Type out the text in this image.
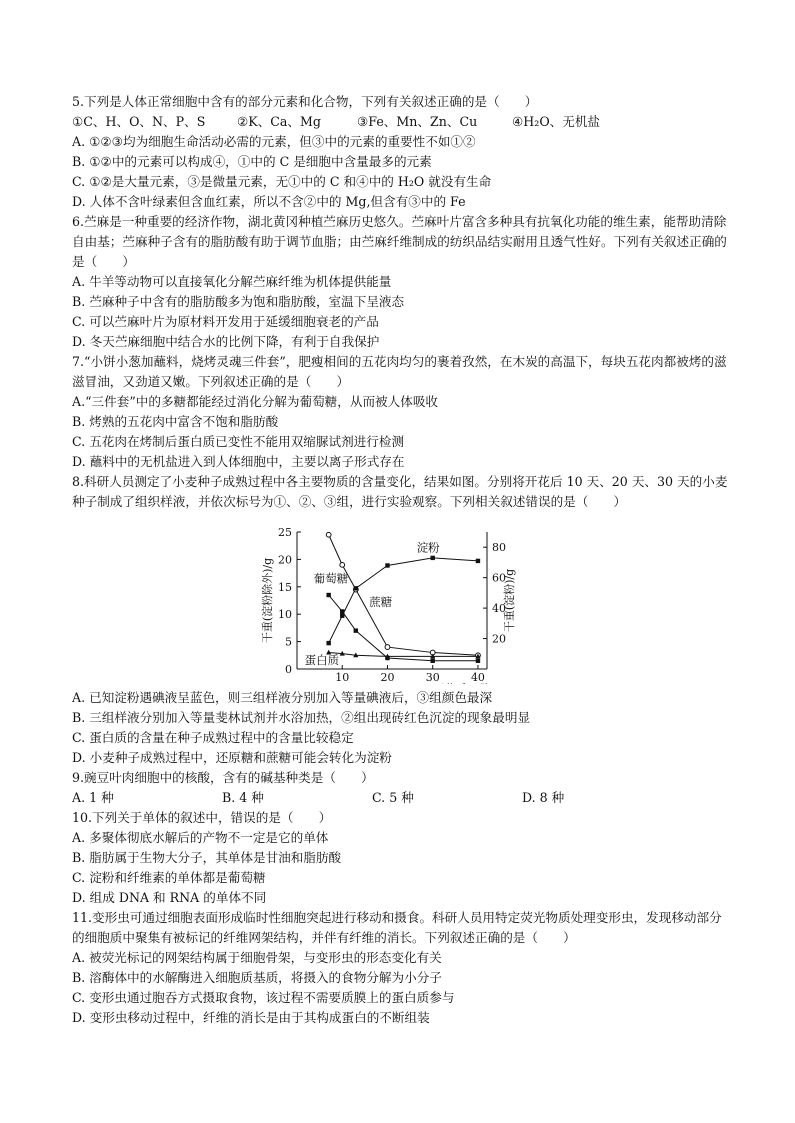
5.下列是人体正常细胞中含有的部分元素和化合物，下列有关叙述正确的是（　　）
①C、H、O、N、P、S	②K、Ca、Mg	③Fe、Mn、Zn、Cu	④H₂O、无机盐
A. ①②③均为细胞生命活动必需的元素，但③中的元素的重要性不如①②
B. ①②中的元素可以构成④，①中的 C 是细胞中含量最多的元素
C. ①②是大量元素，③是微量元素，无①中的 C 和④中的 H₂O 就没有生命
D. 人体不含叶绿素但含血红素，所以不含②中的 Mg,但含有③中的 Fe
6.苎麻是一种重要的经济作物，湖北黄冈种植苎麻历史悠久。苎麻叶片富含多种具有抗氧化功能的维生素，能帮助清除自由基；苎麻种子含有的脂肪酸有助于调节血脂；由苎麻纤维制成的纺织品结实耐用且透气性好。下列有关叙述正确的是（　　）
A. 牛羊等动物可以直接氧化分解苎麻纤维为机体提供能量
B. 苎麻种子中含有的脂肪酸多为饱和脂肪酸，室温下呈液态
C. 可以苎麻叶片为原材料开发用于延缓细胞衰老的产品
D. 冬天苎麻细胞中结合水的比例下降，有利于自我保护
7.“小饼小葱加蘸料，烧烤灵魂三件套”，肥瘦相间的五花肉均匀的裹着孜然，在木炭的高温下，每块五花肉都被烤的滋滋冒油，又劲道又嫩。下列叙述正确的是（　　）
A.“三件套”中的多糖都能经过消化分解为葡萄糖，从而被人体吸收
B. 烤熟的五花肉中富含不饱和脂肪酸
C. 五花肉在烤制后蛋白质已变性不能用双缩脲试剂进行检测
D. 蘸料中的无机盐进入到人体细胞中，主要以离子形式存在
8.科研人员测定了小麦种子成熟过程中各主要物质的含量变化，结果如图。分别将开花后 10 天、20 天、30 天的小麦种子制成了组织样液，并依次标号为①、②、③组，进行实验观察。下列相关叙述错误的是（　　）
10	20	30	40
0
5
10
15
20
25
20
40
60
80
干重(淀粉除外)/g	干重(淀粉)/g
葡萄糖
蔗糖
蛋白质
淀粉
A. 已知淀粉遇碘液呈蓝色，则三组样液分别加入等量碘液后，③组颜色最深
B. 三组样液分别加入等量斐林试剂并水浴加热，②组出现砖红色沉淀的现象最明显
C. 蛋白质的含量在种子成熟过程中的含量比较稳定
D. 小麦种子成熟过程中，还原糖和蔗糖可能会转化为淀粉
9.豌豆叶肉细胞中的核酸，含有的碱基种类是（　　）
A. 1 种	B. 4 种	C. 5 种	D. 8 种
10.下列关于单体的叙述中，错误的是（　　）
A. 多聚体彻底水解后的产物不一定是它的单体
B. 脂肪属于生物大分子，其单体是甘油和脂肪酸
C. 淀粉和纤维素的单体都是葡萄糖
D. 组成 DNA 和 RNA 的单体不同
11.变形虫可通过细胞表面形成临时性细胞突起进行移动和摄食。科研人员用特定荧光物质处理变形虫，发现移动部分的细胞质中聚集有被标记的纤维网架结构，并伴有纤维的消长。下列叙述正确的是（　　）
A. 被荧光标记的网架结构属于细胞骨架，与变形虫的形态变化有关
B. 溶酶体中的水解酶进入细胞质基质，将摄入的食物分解为小分子
C. 变形虫通过胞吞方式摄取食物，该过程不需要质膜上的蛋白质参与
D. 变形虫移动过程中，纤维的消长是由于其构成蛋白的不断组装
